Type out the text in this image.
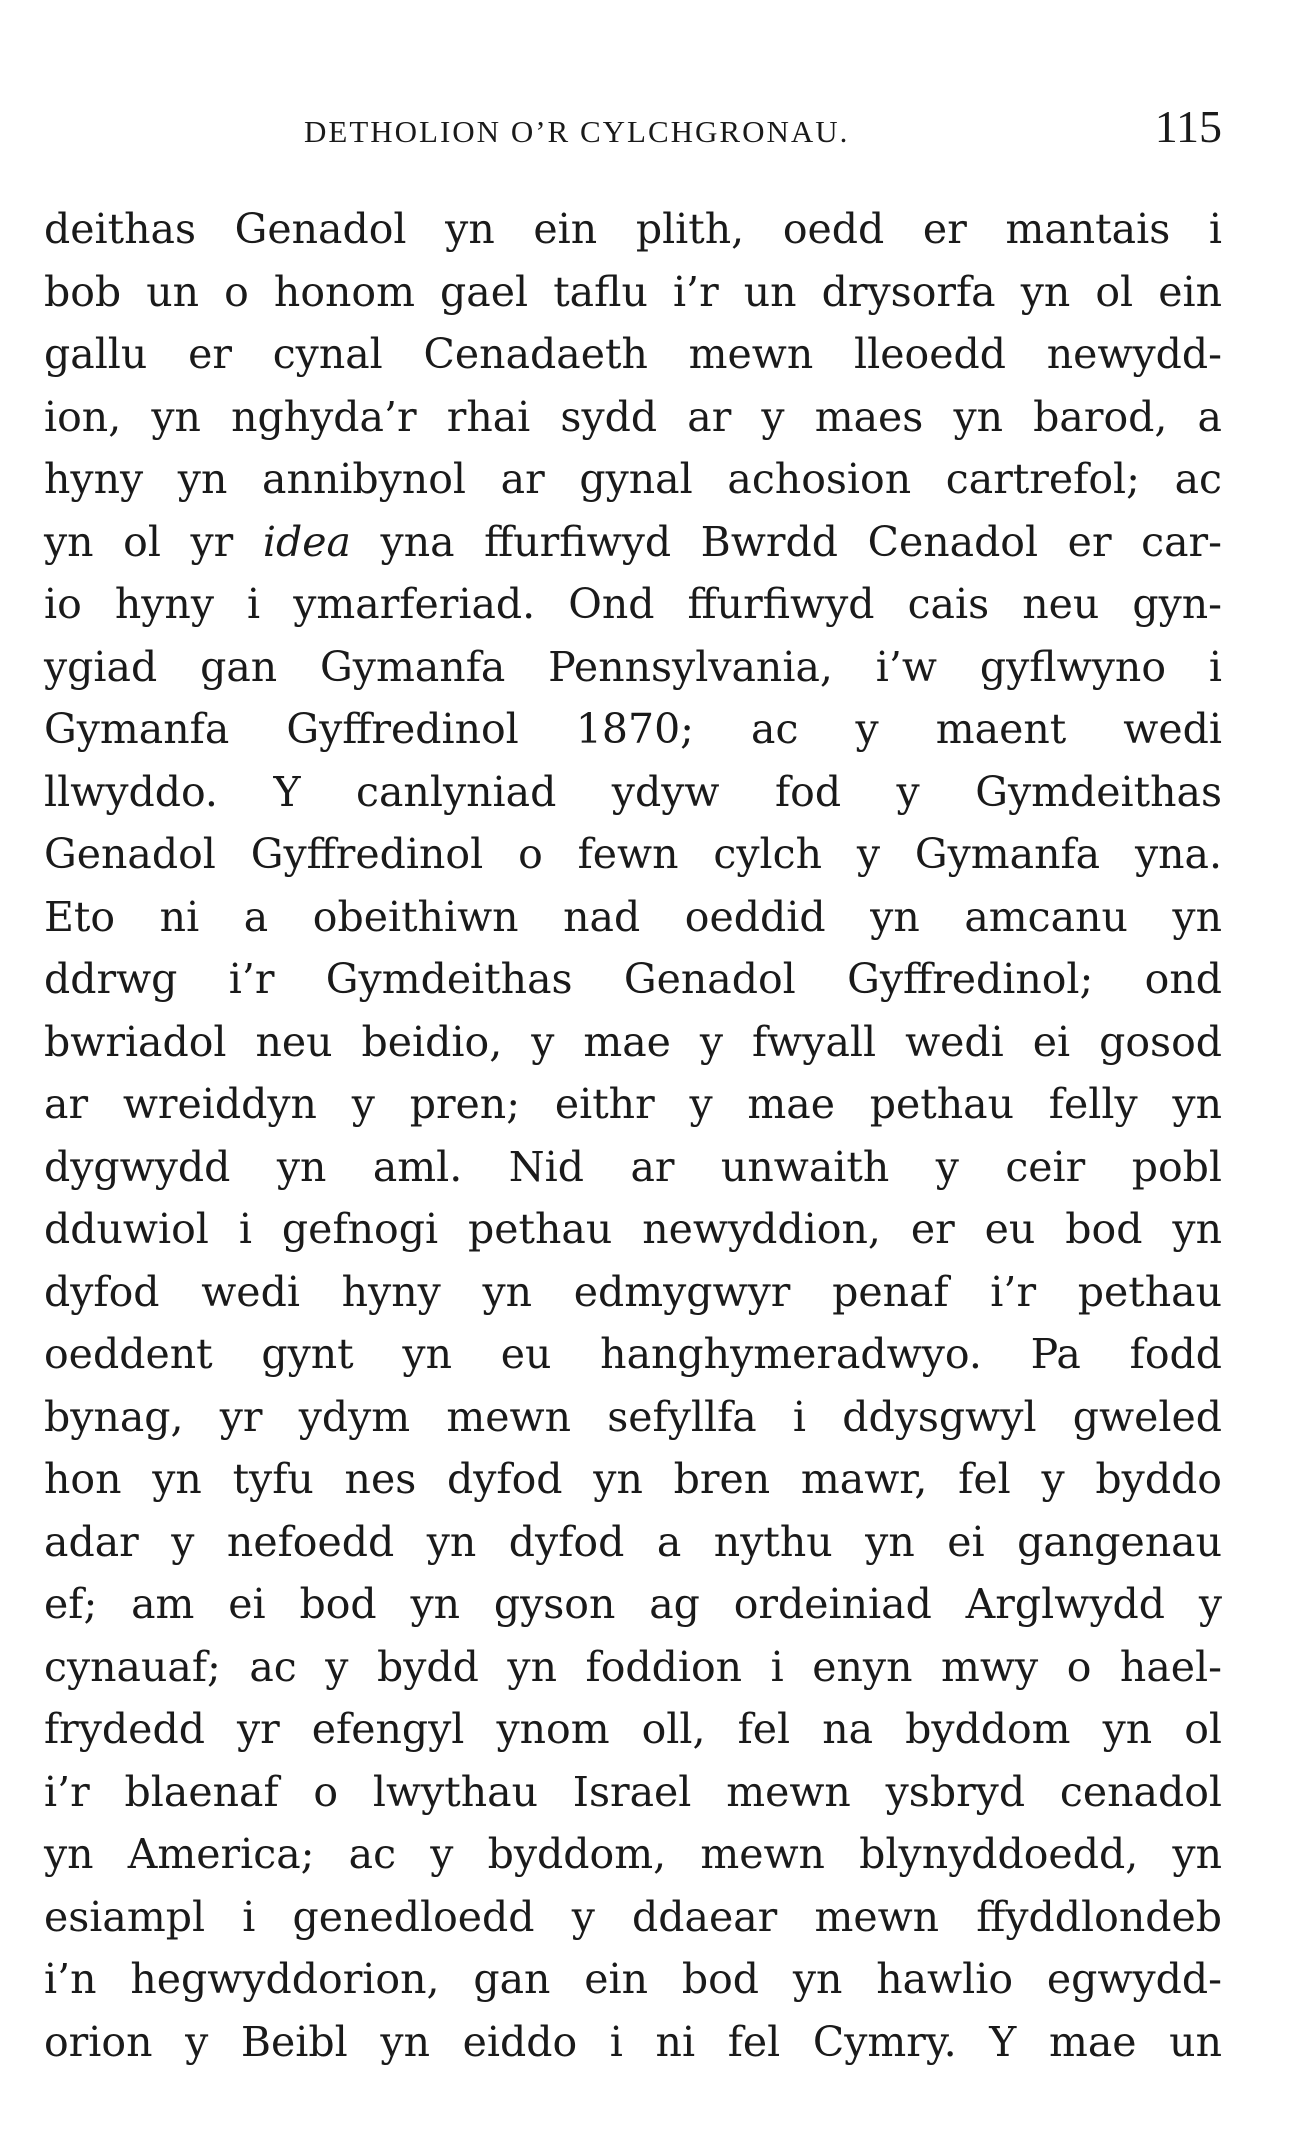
DETHOLION O’R CYLCHGRONAU.	115
deithas Genadol yn ein plith, oedd er mantais i
bob un o honom gael taflu i’r un drysorfa yn ol ein
gallu er cynal Cenadaeth mewn lleoedd newydd-
ion, yn nghyda’r rhai sydd ar y maes yn barod, a
hyny yn annibynol ar gynal achosion cartrefol; ac
yn ol yr idea yna ffurfiwyd Bwrdd Cenadol er car-
io hyny i ymarferiad. Ond ffurfiwyd cais neu gyn-
ygiad gan Gymanfa Pennsylvania, i’w gyflwyno i
Gymanfa Gyffredinol 1870; ac y maent wedi
llwyddo. Y canlyniad ydyw fod y Gymdeithas
Genadol Gyffredinol o fewn cylch y Gymanfa yna.
Eto ni a obeithiwn nad oeddid yn amcanu yn
ddrwg i’r Gymdeithas Genadol Gyffredinol; ond
bwriadol neu beidio, y mae y fwyall wedi ei gosod
ar wreiddyn y pren; eithr y mae pethau felly yn
dygwydd yn aml. Nid ar unwaith y ceir pobl
dduwiol i gefnogi pethau newyddion, er eu bod yn
dyfod wedi hyny yn edmygwyr penaf i’r pethau
oeddent gynt yn eu hanghymeradwyo. Pa fodd
bynag, yr ydym mewn sefyllfa i ddysgwyl gweled
hon yn tyfu nes dyfod yn bren mawr, fel y byddo
adar y nefoedd yn dyfod a nythu yn ei gangenau
ef; am ei bod yn gyson ag ordeiniad Arglwydd y
cynauaf; ac y bydd yn foddion i enyn mwy o hael-
frydedd yr efengyl ynom oll, fel na byddom yn ol
i’r blaenaf o lwythau Israel mewn ysbryd cenadol
yn America; ac y byddom, mewn blynyddoedd, yn
esiampl i genedloedd y ddaear mewn ffyddlondeb
i’n hegwyddorion, gan ein bod yn hawlio egwydd-
orion y Beibl yn eiddo i ni fel Cymry. Y mae un
